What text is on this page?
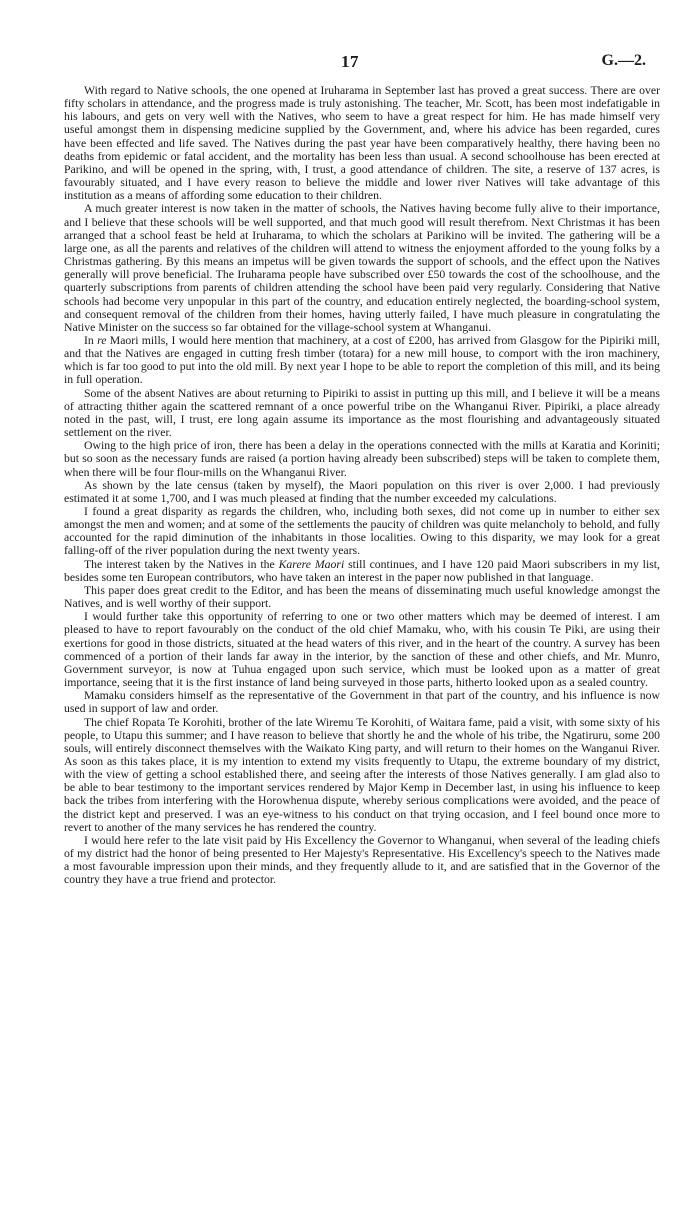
17	G.—2.

With regard to Native schools, the one opened at Iruharama in September last has proved a great success. There are over fifty scholars in attendance, and the progress made is truly astonishing. The teacher, Mr. Scott, has been most indefatigable in his labours, and gets on very well with the Natives, who seem to have a great respect for him. He has made himself very useful amongst them in dispensing medicine supplied by the Government, and, where his advice has been regarded, cures have been effected and life saved. The Natives during the past year have been comparatively healthy, there having been no deaths from epidemic or fatal accident, and the mortality has been less than usual. A second schoolhouse has been erected at Parikino, and will be opened in the spring, with, I trust, a good attendance of children. The site, a reserve of 137 acres, is favourably situated, and I have every reason to believe the middle and lower river Natives will take advantage of this institution as a means of affording some education to their children.

A much greater interest is now taken in the matter of schools, the Natives having become fully alive to their importance, and I believe that these schools will be well supported, and that much good will result therefrom. Next Christmas it has been arranged that a school feast be held at Iruharama, to which the scholars at Parikino will be invited. The gathering will be a large one, as all the parents and relatives of the children will attend to witness the enjoyment afforded to the young folks by a Christmas gathering. By this means an impetus will be given towards the support of schools, and the effect upon the Natives generally will prove beneficial. The Iruharama people have subscribed over £50 towards the cost of the schoolhouse, and the quarterly subscriptions from parents of children attending the school have been paid very regularly. Considering that Native schools had become very unpopular in this part of the country, and education entirely neglected, the boarding-school system, and consequent removal of the children from their homes, having utterly failed, I have much pleasure in congratulating the Native Minister on the success so far obtained for the village-school system at Whanganui.

In re Maori mills, I would here mention that machinery, at a cost of £200, has arrived from Glasgow for the Pipiriki mill, and that the Natives are engaged in cutting fresh timber (totara) for a new mill house, to comport with the iron machinery, which is far too good to put into the old mill. By next year I hope to be able to report the completion of this mill, and its being in full operation.

Some of the absent Natives are about returning to Pipiriki to assist in putting up this mill, and I believe it will be a means of attracting thither again the scattered remnant of a once powerful tribe on the Whanganui River. Pipiriki, a place already noted in the past, will, I trust, ere long again assume its importance as the most flourishing and advantageously situated settlement on the river.

Owing to the high price of iron, there has been a delay in the operations connected with the mills at Karatia and Koriniti; but so soon as the necessary funds are raised (a portion having already been subscribed) steps will be taken to complete them, when there will be four flour-mills on the Whanganui River.

As shown by the late census (taken by myself), the Maori population on this river is over 2,000. I had previously estimated it at some 1,700, and I was much pleased at finding that the number exceeded my calculations.

I found a great disparity as regards the children, who, including both sexes, did not come up in number to either sex amongst the men and women; and at some of the settlements the paucity of children was quite melancholy to behold, and fully accounted for the rapid diminution of the inhabitants in those localities. Owing to this disparity, we may look for a great falling-off of the river population during the next twenty years.

The interest taken by the Natives in the Karere Maori still continues, and I have 120 paid Maori subscribers in my list, besides some ten European contributors, who have taken an interest in the paper now published in that language.

This paper does great credit to the Editor, and has been the means of disseminating much useful knowledge amongst the Natives, and is well worthy of their support.

I would further take this opportunity of referring to one or two other matters which may be deemed of interest. I am pleased to have to report favourably on the conduct of the old chief Mamaku, who, with his cousin Te Piki, are using their exertions for good in those districts, situated at the head waters of this river, and in the heart of the country. A survey has been commenced of a portion of their lands far away in the interior, by the sanction of these and other chiefs, and Mr. Munro, Government surveyor, is now at Tuhua engaged upon such service, which must be looked upon as a matter of great importance, seeing that it is the first instance of land being surveyed in those parts, hitherto looked upon as a sealed country.

Mamaku considers himself as the representative of the Government in that part of the country, and his influence is now used in support of law and order.

The chief Ropata Te Korohiti, brother of the late Wiremu Te Korohiti, of Waitara fame, paid a visit, with some sixty of his people, to Utapu this summer; and I have reason to believe that shortly he and the whole of his tribe, the Ngatiruru, some 200 souls, will entirely disconnect themselves with the Waikato King party, and will return to their homes on the Wanganui River. As soon as this takes place, it is my intention to extend my visits frequently to Utapu, the extreme boundary of my district, with the view of getting a school established there, and seeing after the interests of those Natives generally. I am glad also to be able to bear testimony to the important services rendered by Major Kemp in December last, in using his influence to keep back the tribes from interfering with the Horowhenua dispute, whereby serious complications were avoided, and the peace of the district kept and preserved. I was an eye-witness to his conduct on that trying occasion, and I feel bound once more to revert to another of the many services he has rendered the country.

I would here refer to the late visit paid by His Excellency the Governor to Whanganui, when several of the leading chiefs of my district had the honor of being presented to Her Majesty's Representative. His Excellency's speech to the Natives made a most favourable impression upon their minds, and they frequently allude to it, and are satisfied that in the Governor of the country they have a true friend and protector.
